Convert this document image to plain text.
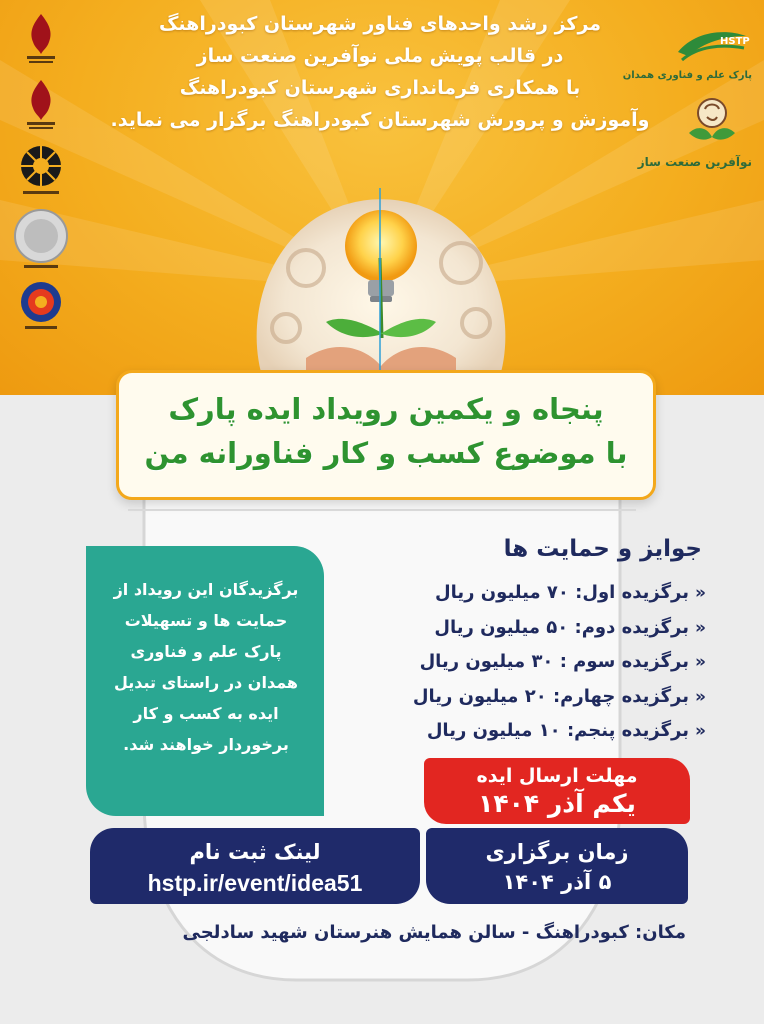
مرکز رشد واحدهای فناور شهرستان کبودراهنگ
در قالب پویش ملی نوآفرین صنعت ساز
با همکاری فرمانداری شهرستان کبودراهنگ
وآموزش و پرورش شهرستان کبودراهنگ برگزار می نماید.
HSTP
پارک علم و فناوری همدان
نوآفرین صنعت ساز
پنجاه و یکمین رویداد ایده پارک
با موضوع کسب و کار فناورانه من
جوایز و حمایت ها
«برگزیده اول: ۷۰ میلیون ریال
«برگزیده دوم: ۵۰ میلیون ریال
«برگزیده سوم : ۳۰ میلیون ریال
«برگزیده چهارم: ۲۰ میلیون ریال
«برگزیده پنجم: ۱۰ میلیون ریال
برگزیدگان این رویداد از
حمایت ها و تسهیلات
پارک علم و فناوری
همدان در راستای تبدیل
ایده به کسب و کار
برخوردار خواهند شد.
مهلت ارسال ایده
یکم آذر ۱۴۰۴
زمان برگزاری
۵ آذر ۱۴۰۴
لینک ثبت نام
hstp.ir/event/idea51
مکان: کبودراهنگ - سالن همایش هنرستان شهید سادلجی
